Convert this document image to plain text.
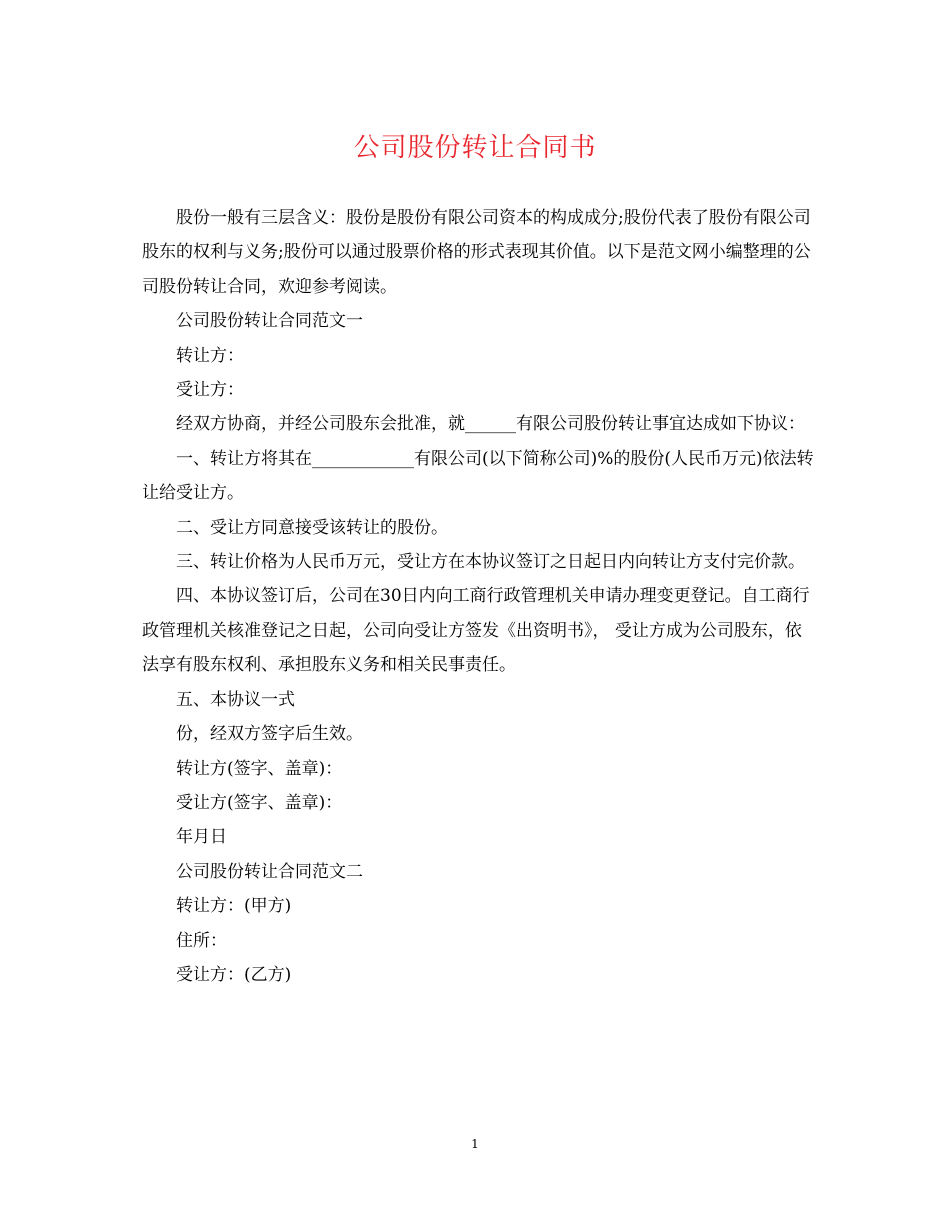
公司股份转让合同书

股份一般有三层含义：股份是股份有限公司资本的构成成分;股份代表了股份有限公司股东的权利与义务;股份可以通过股票价格的形式表现其价值。以下是范文网小编整理的公司股份转让合同，欢迎参考阅读。

公司股份转让合同范文一

转让方：

受让方：

经双方协商，并经公司股东会批准，就______有限公司股份转让事宜达成如下协议：

一、转让方将其在____________有限公司(以下简称公司)%的股份(人民币万元)依法转让给受让方。

二、受让方同意接受该转让的股份。

三、转让价格为人民币万元，受让方在本协议签订之日起日内向转让方支付完价款。

四、本协议签订后，公司在30日内向工商行政管理机关申请办理变更登记。自工商行政管理机关核准登记之日起，公司向受让方签发《出资明书》， 受让方成为公司股东，依法享有股东权利、承担股东义务和相关民事责任。

五、本协议一式

份，经双方签字后生效。

转让方(签字、盖章)：

受让方(签字、盖章)：

年月日

公司股份转让合同范文二

转让方：(甲方)

住所：

受让方：(乙方)

1
